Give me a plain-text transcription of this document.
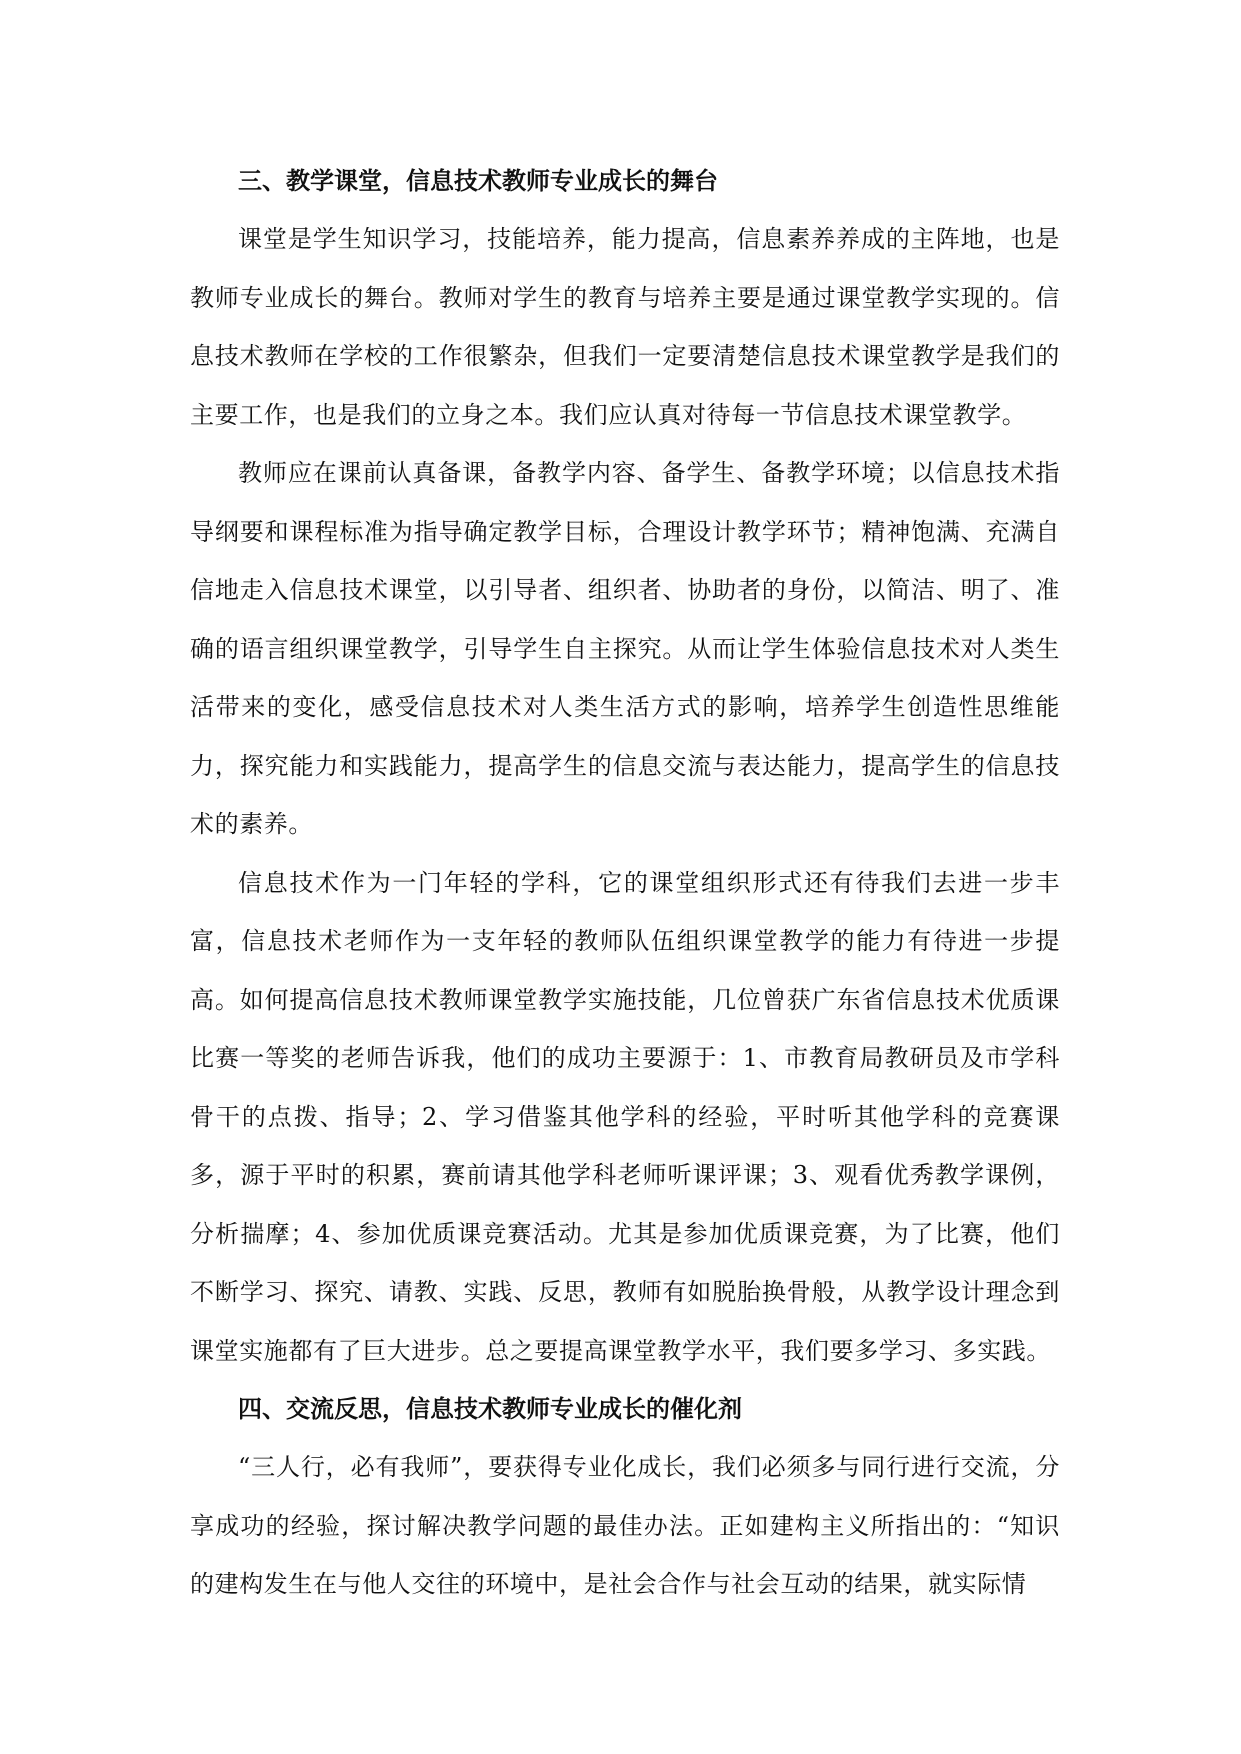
三、教学课堂，信息技术教师专业成长的舞台

课堂是学生知识学习，技能培养，能力提高，信息素养养成的主阵地，也是教师专业成长的舞台。教师对学生的教育与培养主要是通过课堂教学实现的。信息技术教师在学校的工作很繁杂，但我们一定要清楚信息技术课堂教学是我们的主要工作，也是我们的立身之本。我们应认真对待每一节信息技术课堂教学。

教师应在课前认真备课，备教学内容、备学生、备教学环境；以信息技术指导纲要和课程标准为指导确定教学目标，合理设计教学环节；精神饱满、充满自信地走入信息技术课堂，以引导者、组织者、协助者的身份，以简洁、明了、准确的语言组织课堂教学，引导学生自主探究。从而让学生体验信息技术对人类生活带来的变化，感受信息技术对人类生活方式的影响，培养学生创造性思维能力，探究能力和实践能力，提高学生的信息交流与表达能力，提高学生的信息技术的素养。

信息技术作为一门年轻的学科，它的课堂组织形式还有待我们去进一步丰富，信息技术老师作为一支年轻的教师队伍组织课堂教学的能力有待进一步提高。如何提高信息技术教师课堂教学实施技能，几位曾获广东省信息技术优质课比赛一等奖的老师告诉我，他们的成功主要源于：1、市教育局教研员及市学科骨干的点拨、指导；2、学习借鉴其他学科的经验，平时听其他学科的竞赛课多，源于平时的积累，赛前请其他学科老师听课评课；3、观看优秀教学课例，分析揣摩；4、参加优质课竞赛活动。尤其是参加优质课竞赛，为了比赛，他们不断学习、探究、请教、实践、反思，教师有如脱胎换骨般，从教学设计理念到课堂实施都有了巨大进步。总之要提高课堂教学水平，我们要多学习、多实践。

四、交流反思，信息技术教师专业成长的催化剂

“三人行，必有我师”，要获得专业化成长，我们必须多与同行进行交流，分享成功的经验，探讨解决教学问题的最佳办法。正如建构主义所指出的：“知识的建构发生在与他人交往的环境中，是社会合作与社会互动的结果，就实际情
